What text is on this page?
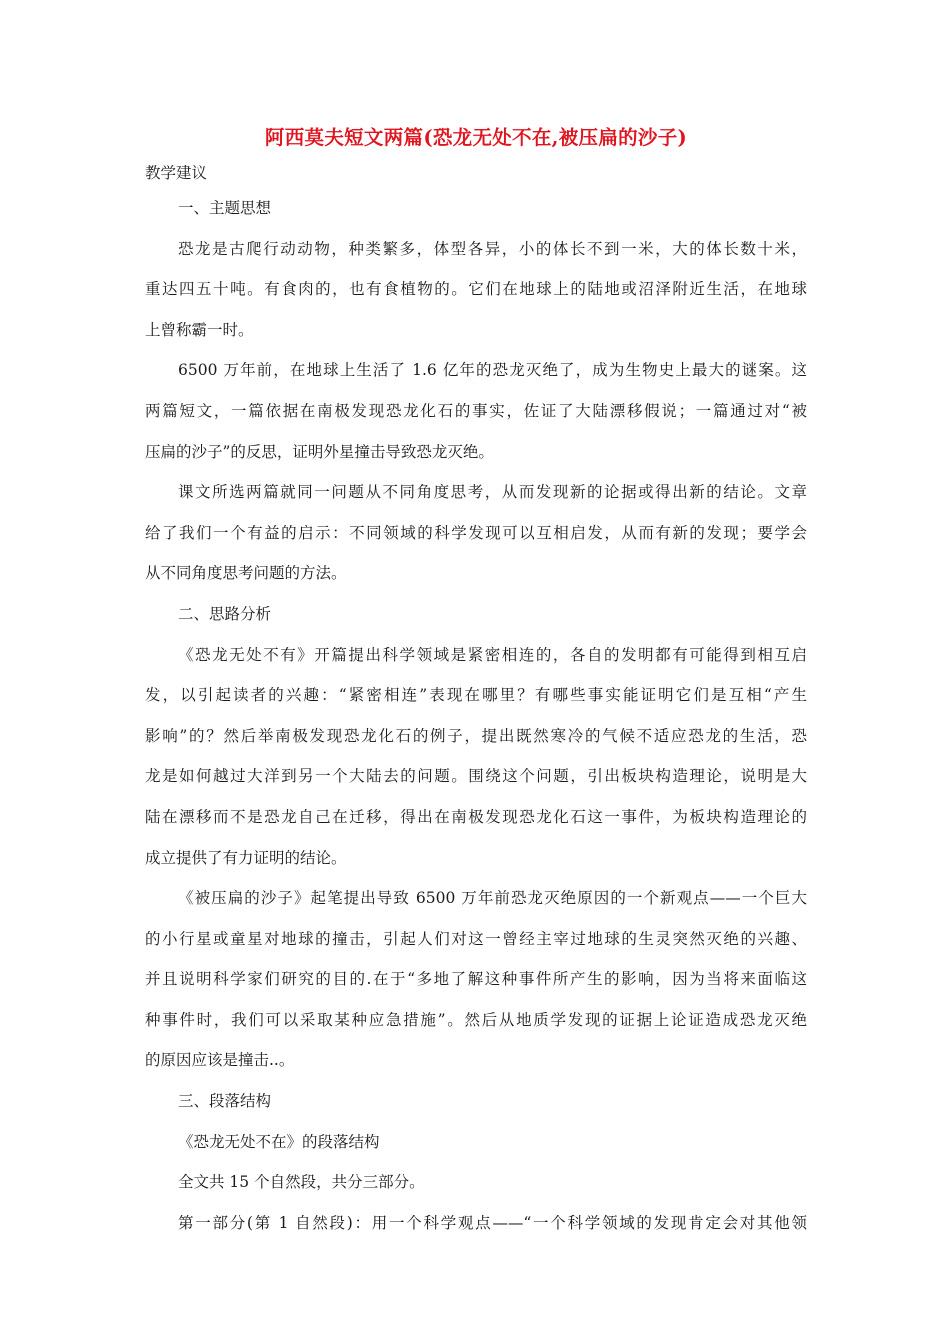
阿西莫夫短文两篇(恐龙无处不在,被压扁的沙子)
教学建议
一、主题思想
恐龙是古爬行动动物，种类繁多，体型各异，小的体长不到一米，大的体长数十米，
重达四五十吨。有食肉的，也有食植物的。它们在地球上的陆地或沼泽附近生活，在地球
上曾称霸一时。
6500 万年前，在地球上生活了 1.6 亿年的恐龙灭绝了，成为生物史上最大的谜案。这
两篇短文，一篇依据在南极发现恐龙化石的事实，佐证了大陆漂移假说；一篇通过对“被
压扁的沙子”的反思，证明外星撞击导致恐龙灭绝。
课文所选两篇就同一问题从不同角度思考，从而发现新的论据或得出新的结论。文章
给了我们一个有益的启示：不同领域的科学发现可以互相启发，从而有新的发现；要学会
从不同角度思考问题的方法。
二、思路分析
《恐龙无处不有》开篇提出科学领域是紧密相连的，各自的发明都有可能得到相互启
发，以引起读者的兴趣：“紧密相连”表现在哪里？有哪些事实能证明它们是互相“产生
影响”的？然后举南极发现恐龙化石的例子，提出既然寒冷的气候不适应恐龙的生活，恐
龙是如何越过大洋到另一个大陆去的问题。围绕这个问题，引出板块构造理论，说明是大
陆在漂移而不是恐龙自己在迁移，得出在南极发现恐龙化石这一事件，为板块构造理论的
成立提供了有力证明的结论。
《被压扁的沙子》起笔提出导致 6500 万年前恐龙灭绝原因的一个新观点——一个巨大
的小行星或童星对地球的撞击，引起人们对这一曾经主宰过地球的生灵突然灭绝的兴趣、
并且说明科学家们研究的目的.在于“多地了解这种事件所产生的影响，因为当将来面临这
种事件时，我们可以采取某种应急措施”。然后从地质学发现的证据上论证造成恐龙灭绝
的原因应该是撞击..。
三、段落结构
《恐龙无处不在》的段落结构
全文共 15 个自然段，共分三部分。
第一部分(第 1 自然段)：用一个科学观点——“一个科学领域的发现肯定会对其他领
